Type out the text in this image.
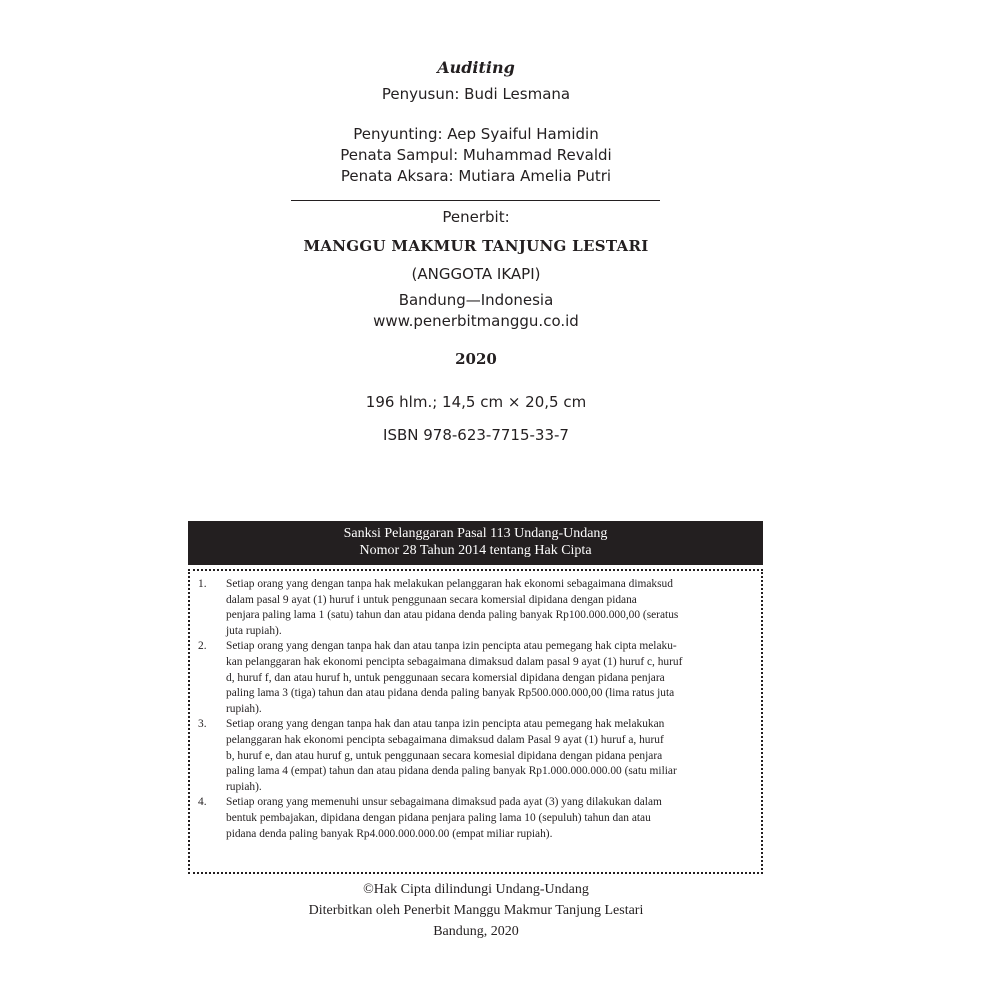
Auditing
Penyusun: Budi Lesmana
Penyunting: Aep Syaiful Hamidin
Penata Sampul: Muhammad Revaldi
Penata Aksara: Mutiara Amelia Putri
Penerbit:
MANGGU MAKMUR TANJUNG LESTARI
(ANGGOTA IKAPI)
Bandung—Indonesia
www.penerbitmanggu.co.id
2020
196 hlm.; 14,5 cm × 20,5 cm
ISBN 978-623-7715-33-7
Sanksi Pelanggaran Pasal 113 Undang-Undang
Nomor 28 Tahun 2014 tentang Hak Cipta
1.	Setiap orang yang dengan tanpa hak melakukan pelanggaran hak ekonomi sebagaimana dimaksud
dalam pasal 9 ayat (1) huruf i untuk penggunaan secara komersial dipidana dengan pidana
penjara paling lama 1 (satu) tahun dan atau pidana denda paling banyak Rp100.000.000,00 (seratus
juta rupiah).
2.	Setiap orang yang dengan tanpa hak dan atau tanpa izin pencipta atau pemegang hak cipta melaku-
kan pelanggaran hak ekonomi pencipta sebagaimana dimaksud dalam pasal 9 ayat (1) huruf c, huruf
d, huruf f, dan atau huruf h, untuk penggunaan secara komersial dipidana dengan pidana penjara
paling lama 3 (tiga) tahun dan atau pidana denda paling banyak Rp500.000.000,00 (lima ratus juta
rupiah).
3.	Setiap orang yang dengan tanpa hak dan atau tanpa izin pencipta atau pemegang hak melakukan
pelanggaran hak ekonomi pencipta sebagaimana dimaksud dalam Pasal 9 ayat (1) huruf a, huruf
b, huruf e, dan atau huruf g, untuk penggunaan secara komesial dipidana dengan pidana penjara
paling lama 4 (empat) tahun dan atau pidana denda paling banyak Rp1.000.000.000.00 (satu miliar
rupiah).
4.	Setiap orang yang memenuhi unsur sebagaimana dimaksud pada ayat (3) yang dilakukan dalam
bentuk pembajakan, dipidana dengan pidana penjara paling lama 10 (sepuluh) tahun dan atau
pidana denda paling banyak Rp4.000.000.000.00 (empat miliar rupiah).
©Hak Cipta dilindungi Undang-Undang
Diterbitkan oleh Penerbit Manggu Makmur Tanjung Lestari
Bandung, 2020
